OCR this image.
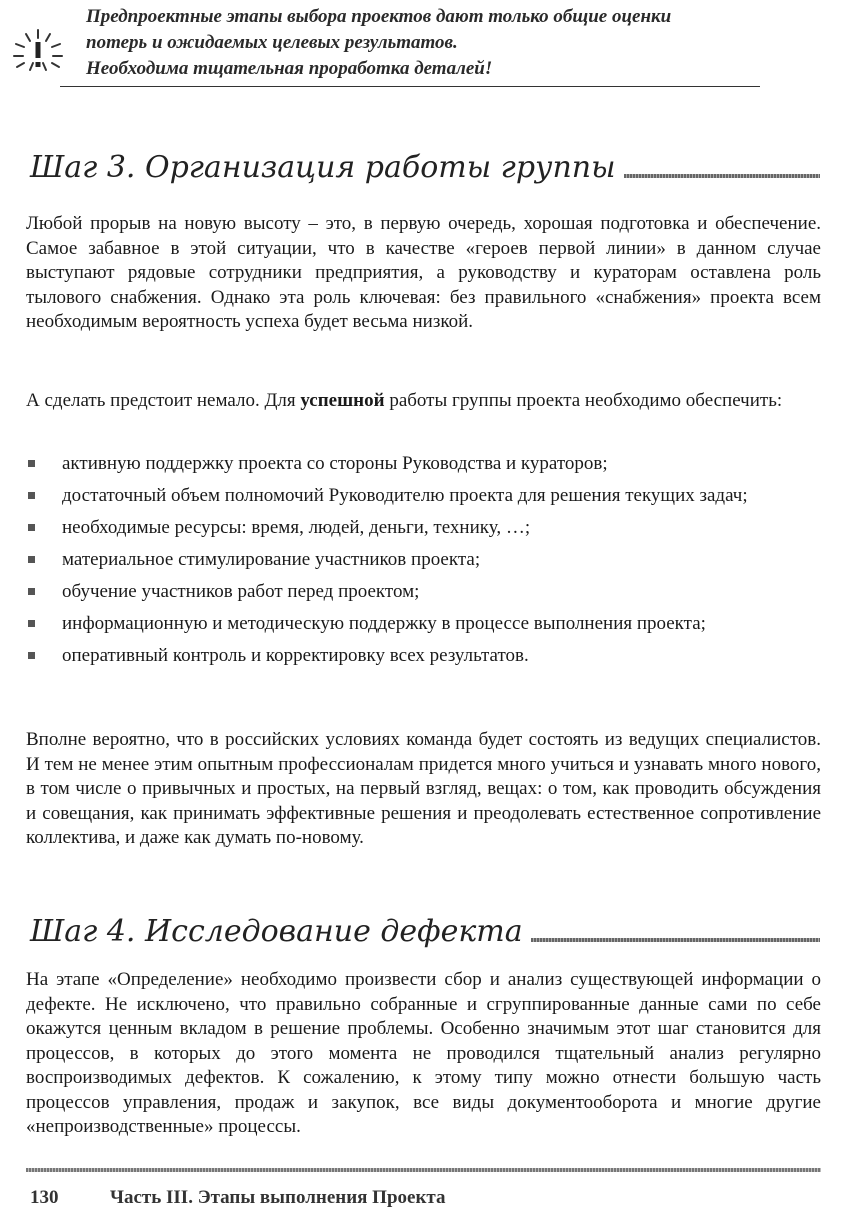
Предпроектные этапы выбора проектов дают только общие оценки
потерь и ожидаемых целевых результатов.
Необходима тщательная проработка деталей!
Шаг 3. Организация работы группы

Любой прорыв на новую высоту – это, в первую очередь, хорошая подготовка и обеспечение. Самое забавное в этой ситуации, что в качестве «героев первой линии» в данном случае выступают рядовые сотрудники предприятия, а руководству и кураторам оставлена роль тылового снабжения. Однако эта роль ключевая: без правильного «снабжения» проекта всем необходимым вероятность успеха будет весьма низкой.

А сделать предстоит немало. Для успешной работы группы проекта необходимо обеспечить:

активную поддержку проекта со стороны Руководства и кураторов;
достаточный объем полномочий Руководителю проекта для решения текущих задач;
необходимые ресурсы: время, людей, деньги, технику, …;
материальное стимулирование участников проекта;
обучение участников работ перед проектом;
информационную и методическую поддержку в процессе выполнения проекта;
оперативный контроль и корректировку всех результатов.

Вполне вероятно, что в российских условиях команда будет состоять из ведущих специалистов. И тем не менее этим опытным профессионалам придется много учиться и узнавать много нового, в том числе о привычных и простых, на первый взгляд, вещах: о том, как проводить обсуждения и совещания, как принимать эффективные решения и преодолевать естественное сопротивление коллектива, и даже как думать по-новому.

Шаг 4. Исследование дефекта

На этапе «Определение» необходимо произвести сбор и анализ существующей информации о дефекте. Не исключено, что правильно собранные и сгруппированные данные сами по себе окажутся ценным вкладом в решение проблемы. Особенно значимым этот шаг становится для процессов, в которых до этого момента не проводился тщательный анализ регулярно воспроизводимых дефектов. К сожалению, к этому типу можно отнести большую часть процессов управления, продаж и закупок, все виды документооборота и многие другие «непроизводственные» процессы.

130	Часть III. Этапы выполнения Проекта
